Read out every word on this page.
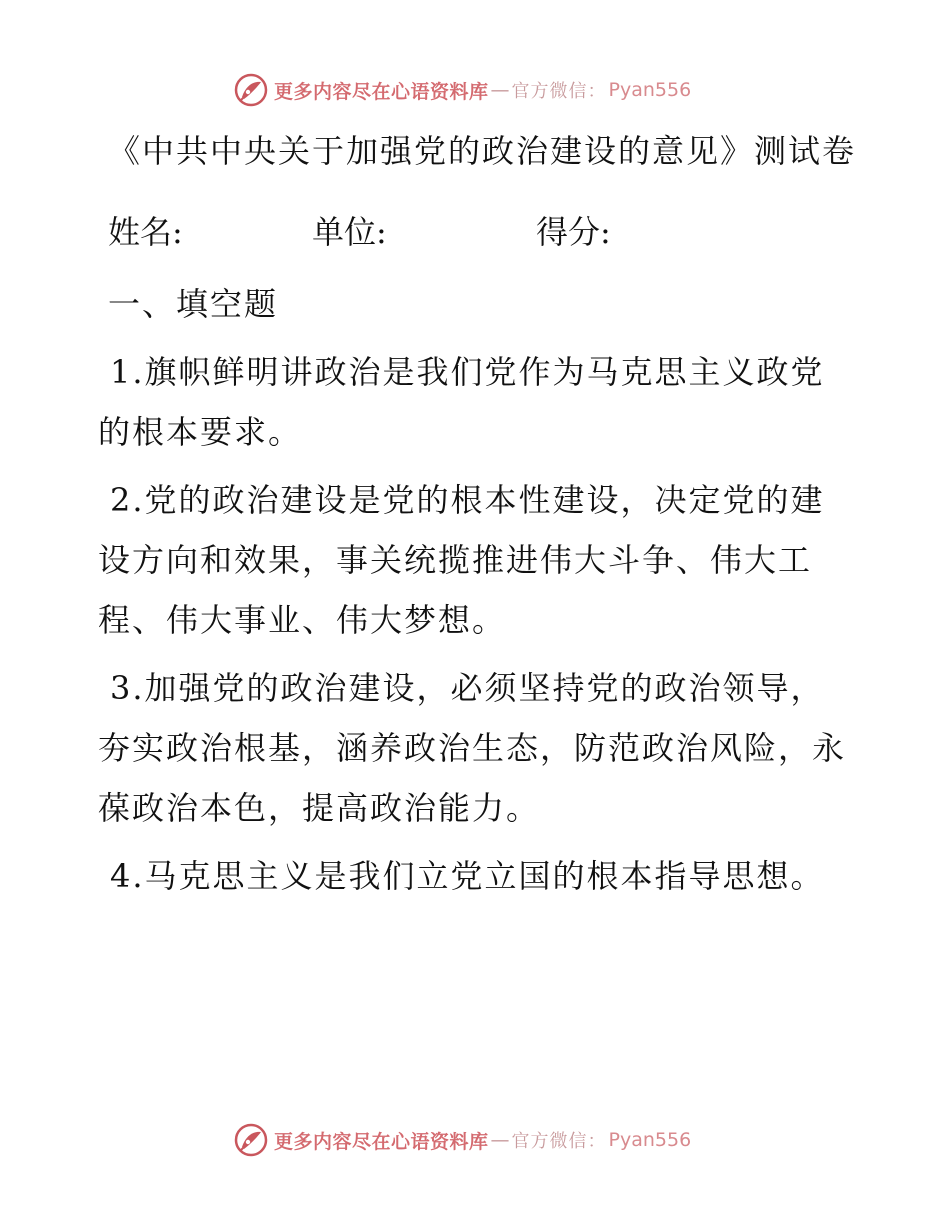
更多内容尽在心语资料库 — 官方微信： Pyan556
《中共中央关于加强党的政治建设的意见》测试卷
姓名:	单位:	得分:
一、填空题
1.旗帜鲜明讲政治是我们党作为马克思主义政党的根本要求。
2.党的政治建设是党的根本性建设，决定党的建设方向和效果，事关统揽推进伟大斗争、伟大工程、伟大事业、伟大梦想。
3.加强党的政治建设，必须坚持党的政治领导，夯实政治根基，涵养政治生态，防范政治风险，永葆政治本色，提高政治能力。
4.马克思主义是我们立党立国的根本指导思想。
更多内容尽在心语资料库 — 官方微信： Pyan556
